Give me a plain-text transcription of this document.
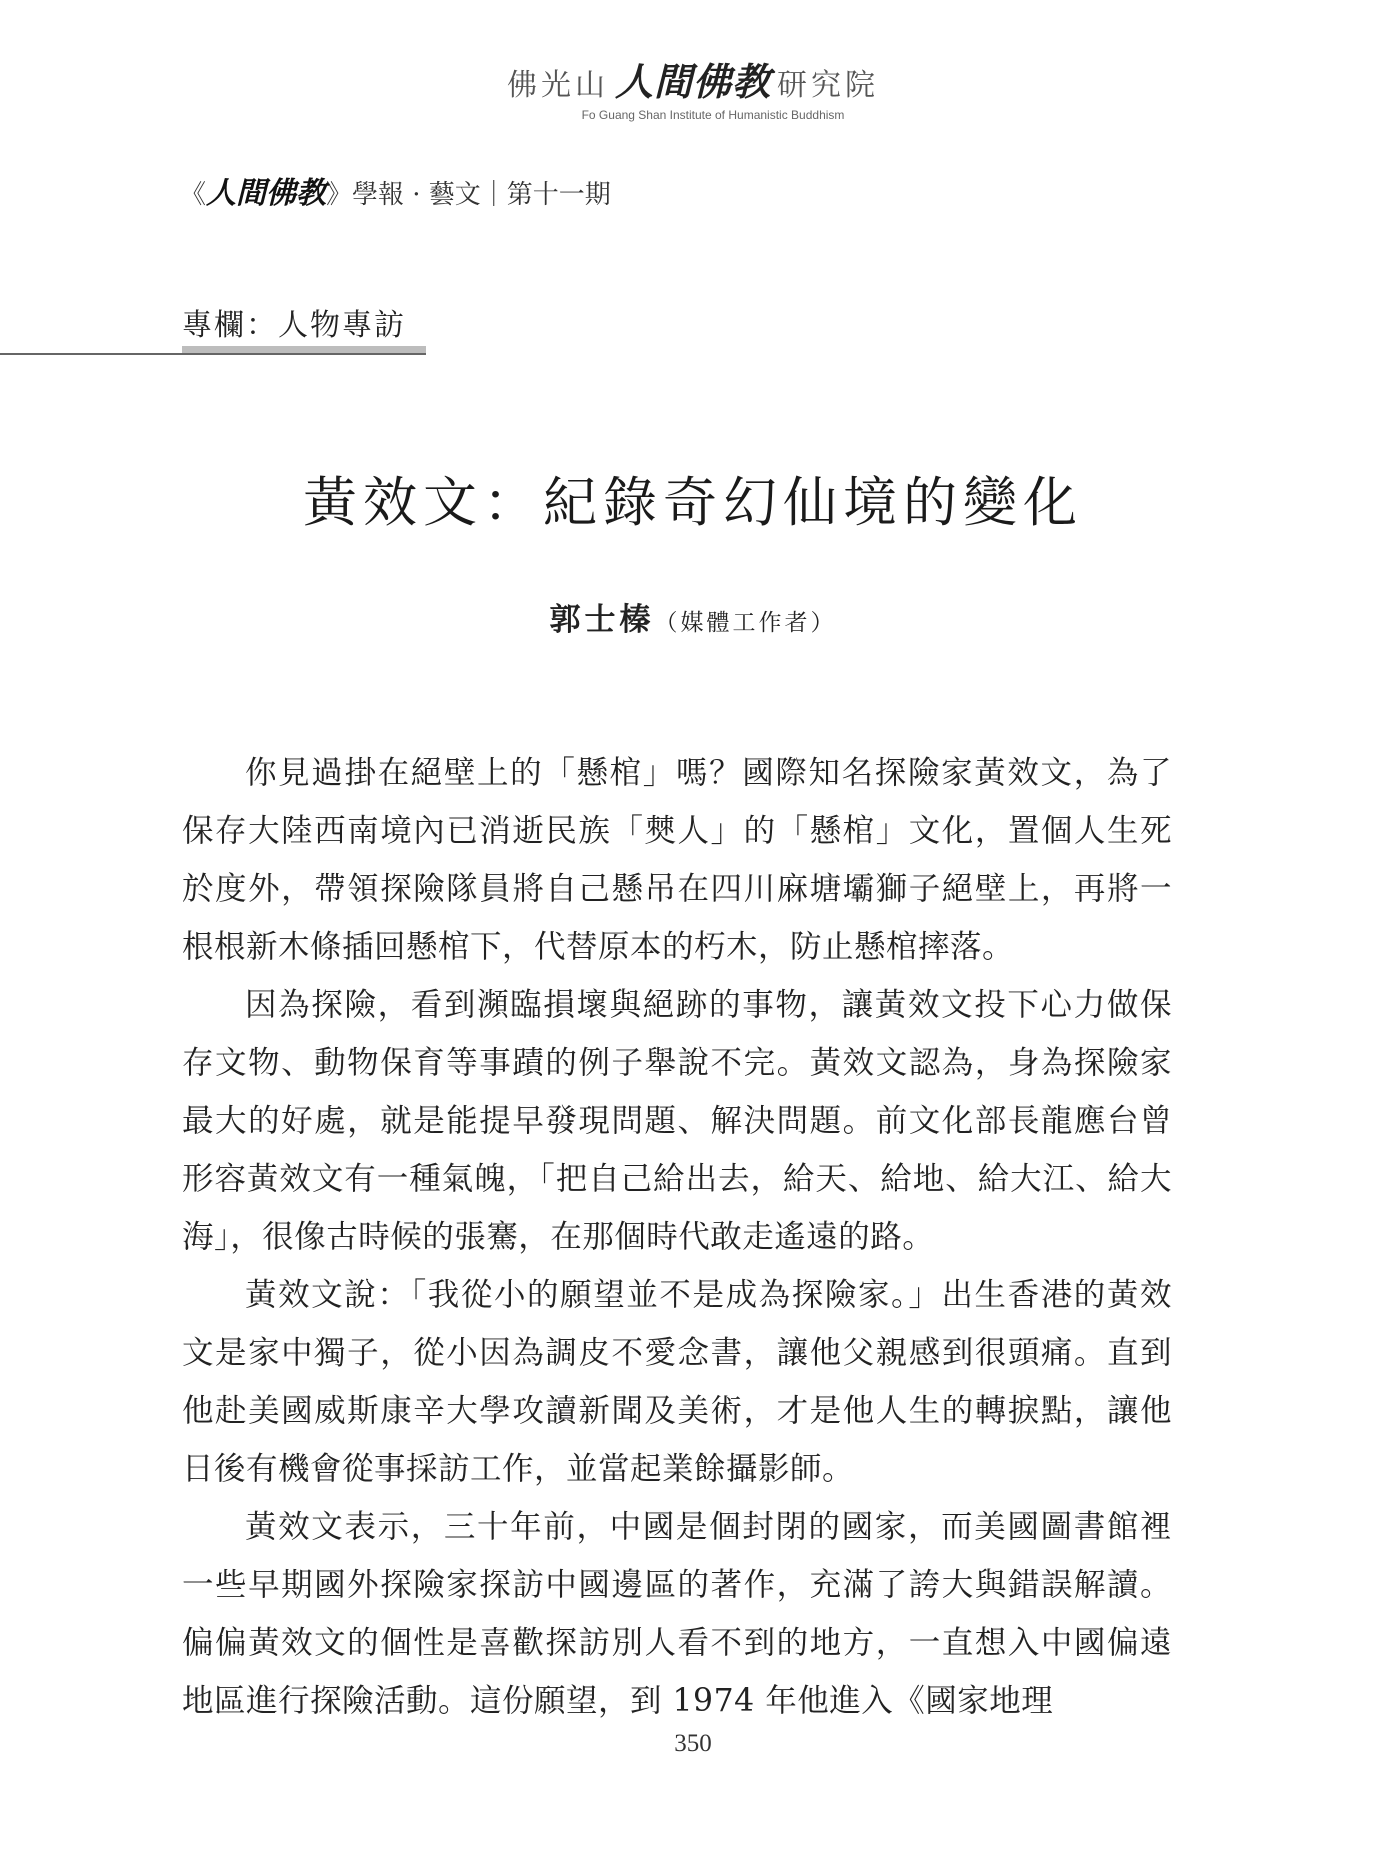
佛光山 人間佛教 研究院
Fo Guang Shan Institute of Humanistic Buddhism
《人間佛教》學報 · 藝文｜第十一期
專欄：人物專訪
黃效文：紀錄奇幻仙境的變化
郭士榛（媒體工作者）

你見過掛在絕壁上的「懸棺」嗎？國際知名探險家黃效文，為了保存大陸西南境內已消逝民族「僰人」的「懸棺」文化，置個人生死於度外，帶領探險隊員將自己懸吊在四川麻塘壩獅子絕壁上，再將一根根新木條插回懸棺下，代替原本的朽木，防止懸棺摔落。

因為探險，看到瀕臨損壞與絕跡的事物，讓黃效文投下心力做保存文物、動物保育等事蹟的例子舉說不完。黃效文認為，身為探險家最大的好處，就是能提早發現問題、解決問題。前文化部長龍應台曾形容黃效文有一種氣魄，「把自己給出去，給天、給地、給大江、給大海」，很像古時候的張騫，在那個時代敢走遙遠的路。

黃效文說：「我從小的願望並不是成為探險家。」出生香港的黃效文是家中獨子，從小因為調皮不愛念書，讓他父親感到很頭痛。直到他赴美國威斯康辛大學攻讀新聞及美術，才是他人生的轉捩點，讓他日後有機會從事採訪工作，並當起業餘攝影師。

黃效文表示，三十年前，中國是個封閉的國家，而美國圖書館裡一些早期國外探險家探訪中國邊區的著作，充滿了誇大與錯誤解讀。偏偏黃效文的個性是喜歡探訪別人看不到的地方，一直想入中國偏遠地區進行探險活動。這份願望，到 1974 年他進入《國家地理

350
